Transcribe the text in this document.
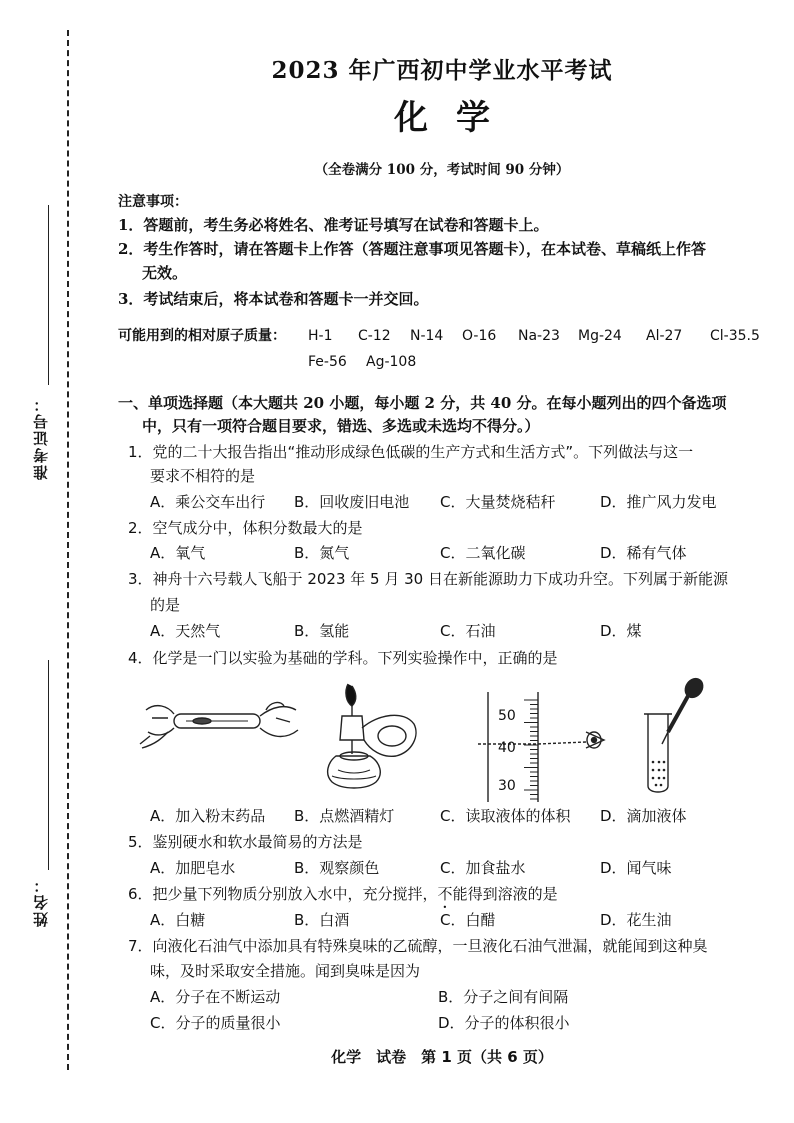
准考证号：
姓名：
2023 年广西初中学业水平考试
化学
（全卷满分 100 分，考试时间 90 分钟）
注意事项：
1．答题前，考生务必将姓名、准考证号填写在试卷和答题卡上。
2．考生作答时，请在答题卡上作答（答题注意事项见答题卡），在本试卷、草稿纸上作答
无效。
3．考试结束后，将本试卷和答题卡一并交回。
可能用到的相对原子质量： H-1 C-12 N-14 O-16 Na-23 Mg-24 Al-27 Cl-35.5
Fe-56 Ag-108
一、单项选择题（本大题共 20 小题，每小题 2 分，共 40 分。在每小题列出的四个备选项
中，只有一项符合题目要求，错选、多选或未选均不得分。）
1．党的二十大报告指出“推动形成绿色低碳的生产方式和生活方式”。下列做法与这一
要求不相符的是
A．乘公交车出行 B．回收废旧电池 C．大量焚烧秸秆	D．推广风力发电
2．空气成分中，体积分数最大的是
A．氧气	B．氮气	C．二氧化碳	D．稀有气体
3．神舟十六号载人飞船于 2023 年 5 月 30 日在新能源助力下成功升空。下列属于新能源
的是
A．天然气	B．氢能	C．石油	D．煤
4．化学是一门以实验为基础的学科。下列实验操作中，正确的是
50
40
30
A．加入粉末药品 B．点燃酒精灯	C．读取液体的体积 D．滴加液体
5．鉴别硬水和软水最简易的方法是
A．加肥皂水	B．观察颜色	C．加食盐水	D．闻气味
6．把少量下列物质分别放入水中，充分搅拌，不能得到溶液的是
A．白糖	B．白酒	C．白醋	D．花生油
7．向液化石油气中添加具有特殊臭味的乙硫醇，一旦液化石油气泄漏，就能闻到这种臭
味，及时采取安全措施。闻到臭味是因为
A．分子在不断运动	B．分子之间有间隔
C．分子的质量很小	D．分子的体积很小
化学　试卷　第 1 页（共 6 页）
